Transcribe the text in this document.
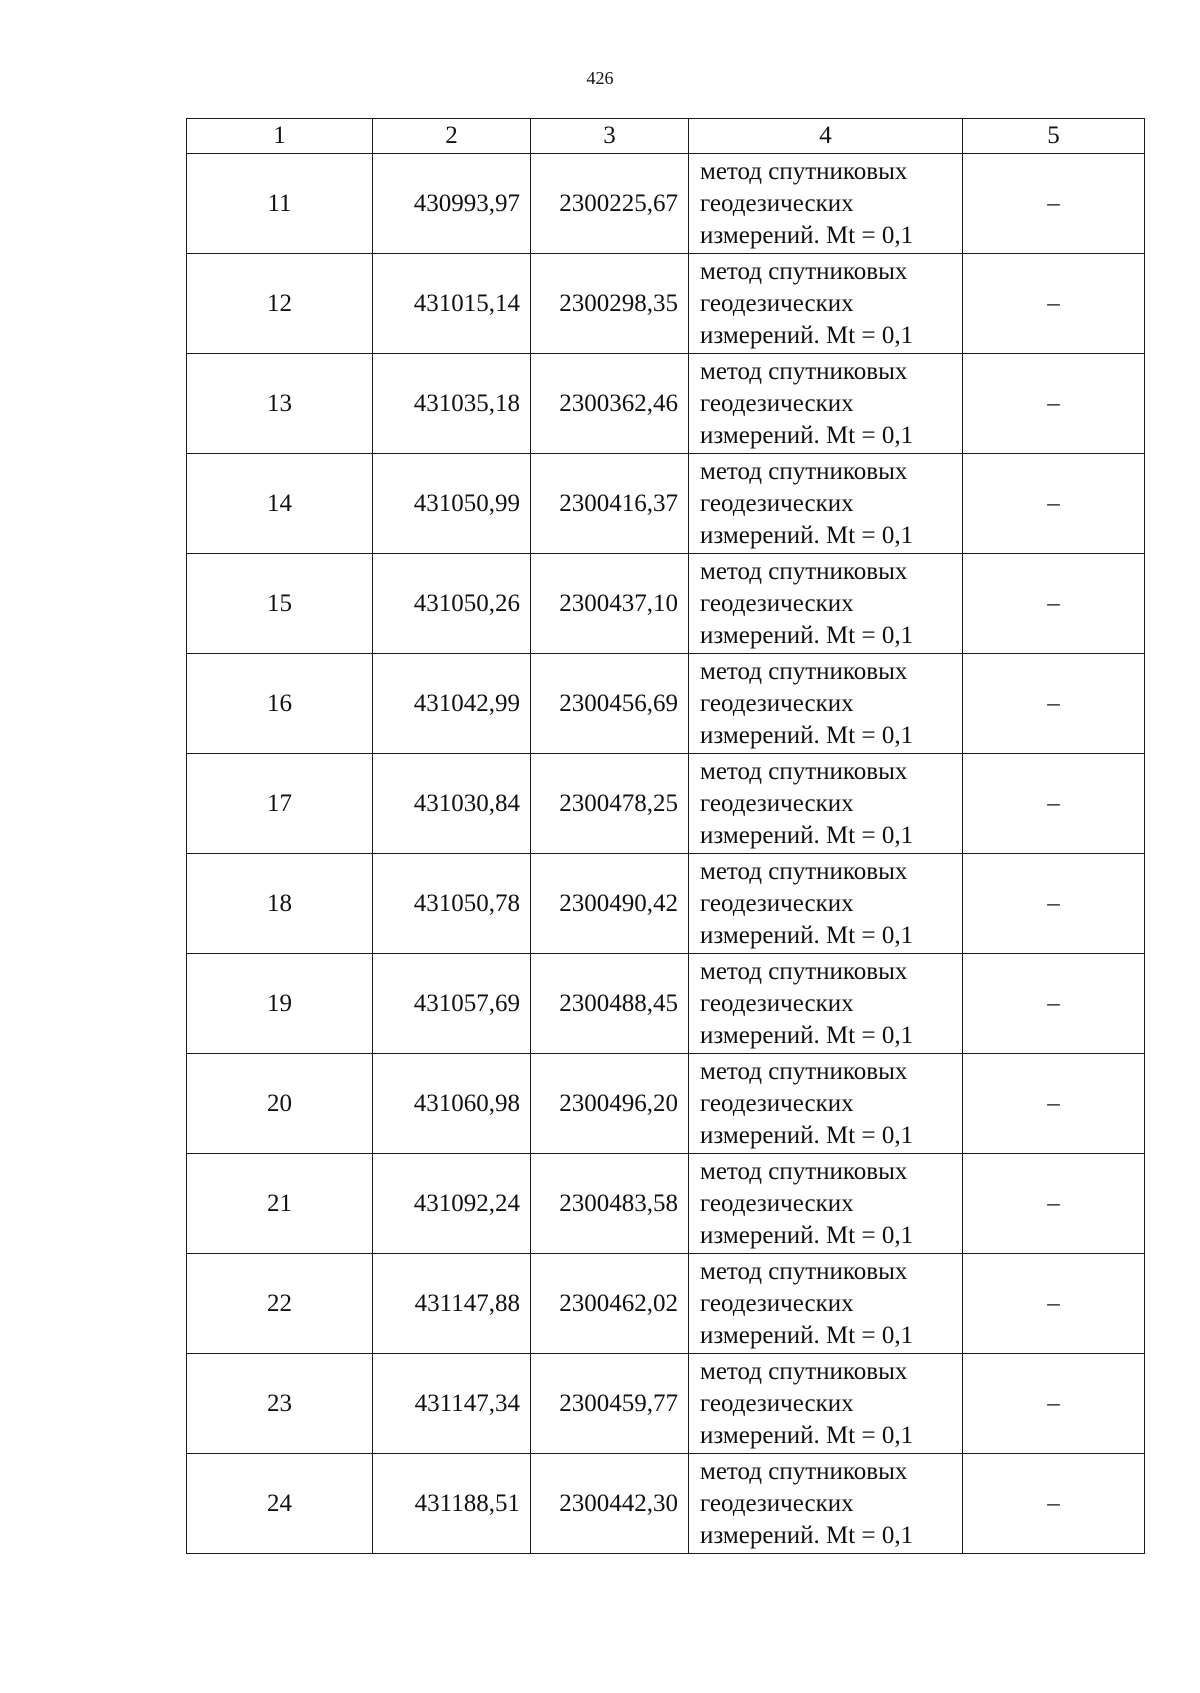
426
1	2	3	4	5
11	430993,97	2300225,67	метод спутниковых
геодезических
измерений. Mt = 0,1	–
12	431015,14	2300298,35	метод спутниковых
геодезических
измерений. Mt = 0,1	–
13	431035,18	2300362,46	метод спутниковых
геодезических
измерений. Mt = 0,1	–
14	431050,99	2300416,37	метод спутниковых
геодезических
измерений. Mt = 0,1	–
15	431050,26	2300437,10	метод спутниковых
геодезических
измерений. Mt = 0,1	–
16	431042,99	2300456,69	метод спутниковых
геодезических
измерений. Mt = 0,1	–
17	431030,84	2300478,25	метод спутниковых
геодезических
измерений. Mt = 0,1	–
18	431050,78	2300490,42	метод спутниковых
геодезических
измерений. Mt = 0,1	–
19	431057,69	2300488,45	метод спутниковых
геодезических
измерений. Mt = 0,1	–
20	431060,98	2300496,20	метод спутниковых
геодезических
измерений. Mt = 0,1	–
21	431092,24	2300483,58	метод спутниковых
геодезических
измерений. Mt = 0,1	–
22	431147,88	2300462,02	метод спутниковых
геодезических
измерений. Mt = 0,1	–
23	431147,34	2300459,77	метод спутниковых
геодезических
измерений. Mt = 0,1	–
24	431188,51	2300442,30	метод спутниковых
геодезических
измерений. Mt = 0,1	–
